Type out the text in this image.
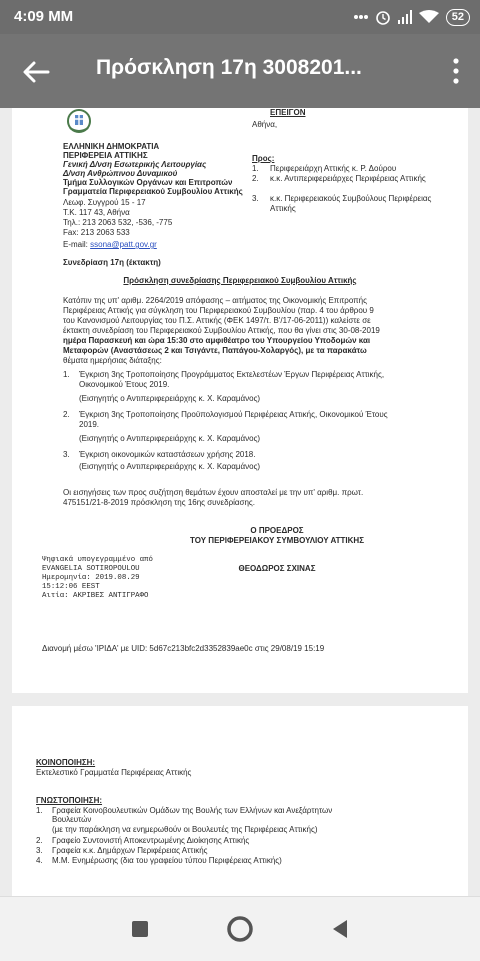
4:09 ΜΜ	52
Πρόσκληση 17η 3008201...
ΕΠΕΙΓΟΝ
ΕΛΛΗΝΙΚΗ ΔΗΜΟΚΡΑΤΙΑ
ΠΕΡΙΦΕΡΕΙΑ ΑΤΤΙΚΗΣ
Γενική Δ/νση Εσωτερικής Λειτουργίας
Δ/νση Ανθρώπινου Δυναμικού
Τμήμα Συλλογικών Οργάνων και Επιτροπών
Γραμματεία Περιφερειακού Συμβουλίου Αττικής
Λεωφ. Συγγρού 15 - 17
Τ.Κ. 117 43, Αθήνα
Τηλ.: 213 2063 532, -536, -775
Fax: 213 2063 533
E-mail: ssona@patt.gov.gr
Αθήνα,
Προς:
1. Περιφερειάρχη Αττικής κ. Ρ. Δούρου
2. κ.κ. Αντιπεριφερειάρχες Περιφέρειας Αττικής
3. κ.κ. Περιφερειακούς Συμβούλους Περιφέρειας Αττικής
Συνεδρίαση 17η (έκτακτη)
Πρόσκληση συνεδρίασης Περιφερειακού Συμβουλίου Αττικής
Κατόπιν της υπ' αριθμ. 2264/2019 απόφασης – αιτήματος της Οικονομικής Επιτροπής
Περιφέρειας Αττικής για σύγκληση του Περιφερειακού Συμβουλίου (παρ. 4 του άρθρου 9
του Κανονισμού Λειτουργίας του Π.Σ. Αττικής (ΦΕΚ 1497/τ. Β'/17-06-2011)) καλείστε σε
έκτακτη συνεδρίαση του Περιφερειακού Συμβουλίου Αττικής, που θα γίνει στις 30-08-2019
ημέρα Παρασκευή και ώρα 15:30 στο αμφιθέατρο του Υπουργείου Υποδομών και
Μεταφορών (Αναστάσεως 2 και Τσιγάντε, Παπάγου-Χολαργός), με τα παρακάτω
θέματα ημερήσιας διάταξης:
1. Έγκριση 3ης Τροποποίησης Προγράμματος Εκτελεστέων Έργων Περιφέρειας Αττικής,
Οικονομικού Έτους 2019.
(Εισηγητής ο Αντιπεριφερειάρχης κ. Χ. Καραμάνος)
2. Έγκριση 3ης Τροποποίησης Προϋπολογισμού Περιφέρειας Αττικής, Οικονομικού Έτους
2019.
(Εισηγητής ο Αντιπεριφερειάρχης κ. Χ. Καραμάνος)
3. Έγκριση οικονομικών καταστάσεων χρήσης 2018.
(Εισηγητής ο Αντιπεριφερειάρχης κ. Χ. Καραμάνος)
Οι εισηγήσεις των προς συζήτηση θεμάτων έχουν αποσταλεί με την υπ' αριθμ. πρωτ.
475151/21-8-2019 πρόσκληση της 16ης συνεδρίασης.
Ο ΠΡΟΕΔΡΟΣ
ΤΟΥ ΠΕΡΙΦΕΡΕΙΑΚΟΥ ΣΥΜΒΟΥΛΙΟΥ ΑΤΤΙΚΗΣ
Ψηφιακά υπογεγραμμένο από
EVANGELIA SOTIROPOULOU
Ημερομηνία: 2019.08.29
15:12:06 EEST
Αιτία: ΑΚΡΙΒΕΣ ΑΝΤΙΓΡΑΦΟ
ΘΕΟΔΩΡΟΣ ΣΧΙΝΑΣ
Διανομή μέσω 'ΙΡΙΔΑ' με UID: 5d67c213bfc2d3352839ae0c στις 29/08/19 15:19
ΚΟΙΝΟΠΟΙΗΣΗ:
Εκτελεστικό Γραμματέα Περιφέρειας Αττικής
ΓΝΩΣΤΟΠΟΙΗΣΗ:
1. Γραφεία Κοινοβουλευτικών Ομάδων της Βουλής των Ελλήνων και Ανεξάρτητων
Βουλευτών
(με την παράκληση να ενημερωθούν οι Βουλευτές της Περιφέρειας Αττικής)
2. Γραφείο Συντονιστή Αποκεντρωμένης Διοίκησης Αττικής
3. Γραφεία κ.κ. Δημάρχων Περιφέρειας Αττικής
4. Μ.Μ. Ενημέρωσης (δια του γραφείου τύπου Περιφέρειας Αττικής)
